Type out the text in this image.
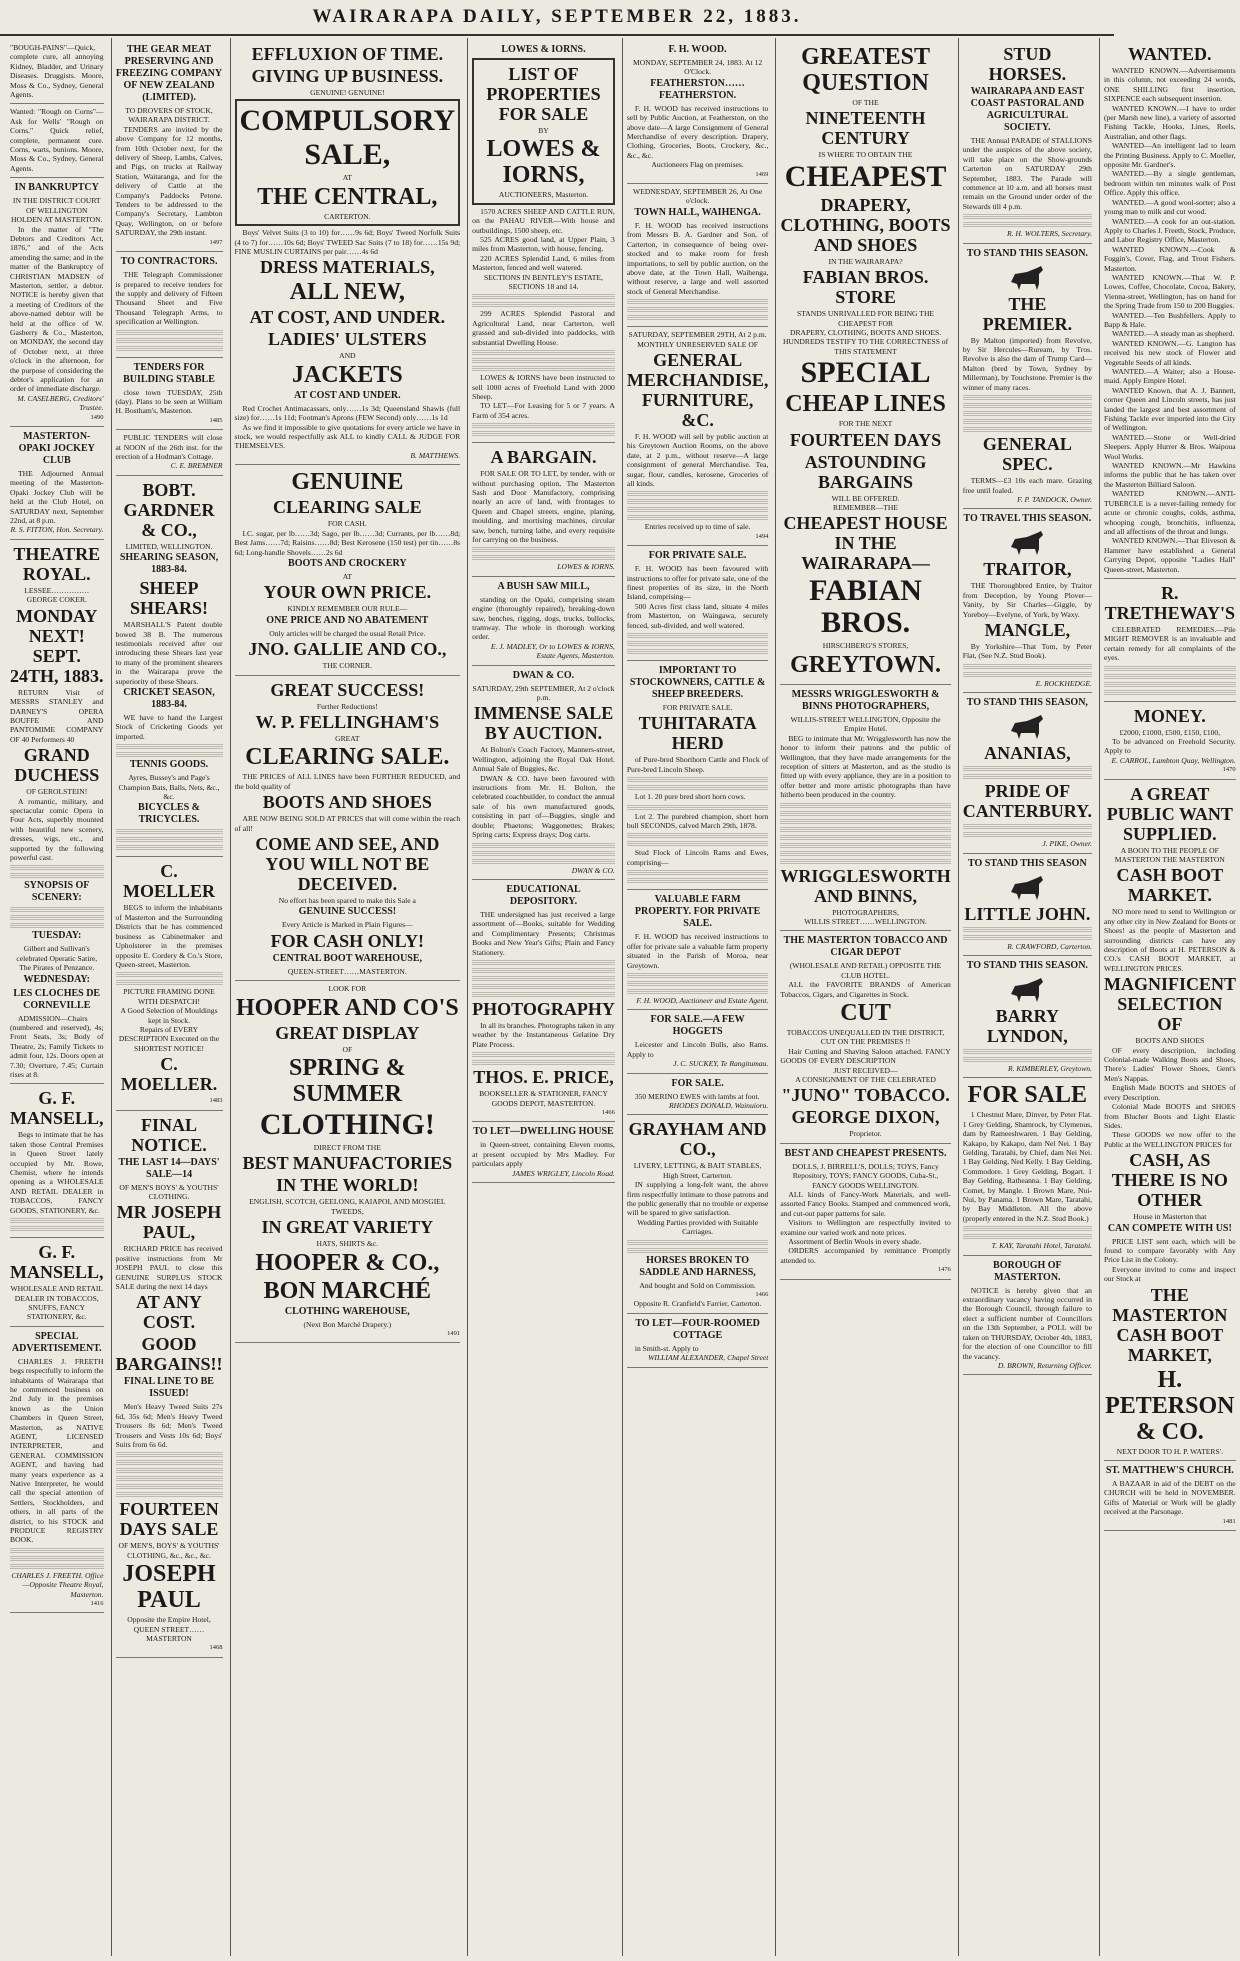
WAIRARAPA DAILY, SEPTEMBER 22, 1883.
"BOUGH-PAINS"—Quick, complete cure, all annoying Kidney, Bladder, and Urinary Diseases. Druggists. Moore, Moss & Co., Sydney, General Agents.
Wanted: "Rough on Corns"—Ask for Wells' "Rough on Corns." Quick relief, complete, permanent cure. Corns, warts, bunions. Moore, Moss & Co., Sydney, General Agents.
IN BANKRUPTCY
IN THE DISTRICT COURT OF WELLINGTON HOLDEN AT MASTERTON.
In the matter of "The Debtors and Creditors Act, 1876," and of the Acts amending the same; and in the matter of the Bankruptcy of CHRISTIAN MADSEN of Masterton, settler, a debtor. NOTICE is hereby given that a meeting of Creditors of the above-named debtor will be held at the office of W. Gasberry & Co., Masterton, on MONDAY, the second day of October next, at three o'clock in the afternoon, for the purpose of considering the debtor's application for an order of immediate discharge.
M. CASELBERG, Creditors' Trustee.
1490
MASTERTON-OPAKI JOCKEY CLUB
THE Adjourned Annual meeting of the Masterton-Opaki Jockey Club will be held at the Club Hotel, on SATURDAY next, September 22nd, at 8 p.m.
R. S. FITTON, Hon. Secretary.
THEATRE ROYAL.
LESSEE……………GEORGE COKER.
MONDAY NEXT! SEPT. 24TH, 1883.
RETURN Visit of MESSRS STANLEY and DARNEY'S OPERA BOUFFE AND PANTOMIME COMPANY OF 40 Performers 40
GRAND DUCHESS
OF GEROLSTEIN!
A romantic, military, and spectacular comic Opera in Four Acts, superbly mounted with beautiful new scenery, dresses, wigs, etc., and supported by the following powerful cast.
SYNOPSIS OF SCENERY:
TUESDAY:
Gilbert and Sullivan's celebrated Operatic Satire, The Pirates of Penzance.
WEDNESDAY:
LES CLOCHES DE CORNEVILLE
ADMISSION—Chairs (numbered and reserved), 4s; Front Seats, 3s; Body of Theatre, 2s; Family Tickets to admit four, 12s. Doors open at 7.30; Overture, 7.45; Curtain rises at 8.
G. F. MANSELL,
Begs to intimate that he has taken those Central Premises in Queen Street lately occupied by Mr. Rowe, Chemist, where he intends opening as a WHOLESALE AND RETAIL DEALER in TOBACCOS, FANCY GOODS, STATIONERY, &c.
G. F. MANSELL,
WHOLESALE AND RETAIL DEALER IN TOBACCOS, SNUFFS, FANCY STATIONERY, &c.
SPECIAL ADVERTISEMENT.
CHARLES J. FREETH begs respectfully to inform the inhabitants of Wairarapa that he commenced business on 2nd July in the premises known as the Union Chambers in Queen Street, Masterton, as NATIVE AGENT, LICENSED INTERPRETER, and GENERAL COMMISSION AGENT, and having had many years experience as a Native Interpreter, he would call the special attention of Settlers, Stockholders, and others, in all parts of the district, to his STOCK and PRODUCE REGISTRY BOOK.
CHARLES J. FREETH. Office—Opposite Theatre Royal, Masterton.
1416
THE GEAR MEAT PRESERVING AND FREEZING COMPANY OF NEW ZEALAND (LIMITED).
TO DROVERS OF STOCK, WAIRARAPA DISTRICT.
TENDERS are invited by the above Company for 12 months, from 10th October next, for the delivery of Sheep, Lambs, Calves, and Pigs, on trucks at Railway Station, Waitaranga, and for the delivery of Cattle at the Company's Paddocks Petone. Tenders to be addressed to the Company's Secretary, Lambton Quay, Wellington, on or before SATURDAY, the 29th instant.
1497
TO CONTRACTORS.
THE Telegraph Commissioner is prepared to receive tenders for the supply and delivery of Fifteen Thousand Sheet and Five Thousand Telegraph Arms, to specification at Wellington.
TENDERS FOR BUILDING STABLE
close town TUESDAY, 25th (day). Plans to be seen at William H. Bostham's, Masterton.
1485
PUBLIC TENDERS will close at NOON of the 26th inst. for the erection of a Hodman's Cottage.
C. E. BREMNER
BOBT. GARDNER & CO.,
LIMITED, WELLINGTON.
SHEARING SEASON, 1883-84.
SHEEP SHEARS!
MARSHALL'S Patent double bowed 38 B. The numerous testimonials received after our introducing these Shears last year to many of the prominent shearers in the Wairarapa prove the superiority of these Shears.
CRICKET SEASON, 1883-84.
WE have to hand the Largest Stock of Cricketing Goods yet imported.
TENNIS GOODS.
Ayres, Bussey's and Page's Champion Bats, Balls, Nets, &c., &c.
BICYCLES & TRICYCLES.
C. MOELLER
BEGS to inform the inhabitants of Masterton and the Surrounding Districts that he has commenced business as Cabinetmaker and Upholsterer in the premises opposite E. Cordery & Co.'s Store, Queen-street, Masterton.
PICTURE FRAMING DONE WITH DESPATCH!
A Good Selection of Mouldings kept in Stock.
Repairs of EVERY DESCRIPTION Executed on the SHORTEST NOTICE!
C. MOELLER.
1483
FINAL NOTICE.
THE LAST 14—DAYS' SALE—14
OF MEN'S BOYS' & YOUTHS' CLOTHING.
MR JOSEPH PAUL,
RICHARD PRICE has received positive instructions from Mr JOSEPH PAUL to close this GENUINE SURPLUS STOCK SALE during the next 14 days
AT ANY COST.
GOOD BARGAINS!!
FINAL LINE TO BE ISSUED!
Men's Heavy Tweed Suits 27s 6d, 35s 6d; Men's Heavy Tweed Trousers 8s 6d; Men's Tweed Trousers and Vests 10s 6d; Boys' Suits from 6s 6d.
FOURTEEN DAYS SALE
OF MEN'S, BOYS' & YOUTHS' CLOTHING, &c., &c., &c.
JOSEPH PAUL
Opposite the Empire Hotel, QUEEN STREET……MASTERTON
1468
EFFLUXION OF TIME.
GIVING UP BUSINESS.
GENUINE! GENUINE!
COMPULSORY
SALE,
AT
THE CENTRAL,
CARTERTON.
Boys' Velvet Suits (3 to 10) for……9s 6d; Boys' Tweed Norfolk Suits (4 to 7) for……10s 6d; Boys' TWEED Sac Suits (7 to 18) for……15s 9d; FINE MUSLIN CURTAINS per pair……4s 6d
DRESS MATERIALS,
ALL NEW,
AT COST, AND UNDER.
LADIES' ULSTERS
AND
JACKETS
AT COST AND UNDER.
Red Crochet Antimacassars, only……1s 3d; Queensland Shawls (full size) for……1s 11d; Footman's Aprons (FEW Second) only……1s 1d
As we find it impossible to give quotations for every article we have in stock, we would respectfully ask ALL to kindly CALL & JUDGE FOR THEMSELVES.
B. MATTHEWS.
GENUINE
CLEARING SALE
FOR CASH.
I.C. sugar, per lb……3d; Sago, per lb……3d; Currants, per lb……8d; Best Jams……7d; Raisins……8d; Best Kerosene (150 test) per tin……8s 6d; Long-handle Shovels……2s 6d
BOOTS AND CROCKERY
AT
YOUR OWN PRICE.
KINDLY REMEMBER OUR RULE—
ONE PRICE AND NO ABATEMENT
Only articles will be charged the usual Retail Price.
JNO. GALLIE AND CO.,
THE CORNER.
GREAT SUCCESS!
Further Reductions!
W. P. FELLINGHAM'S
GREAT
CLEARING SALE.
THE PRICES of ALL LINES have been FURTHER REDUCED, and the bold quality of
BOOTS AND SHOES
ARE NOW BEING SOLD AT PRICES that will come within the reach of all!
COME AND SEE, AND YOU WILL NOT BE DECEIVED.
No effort has been spared to make this Sale a
GENUINE SUCCESS!
Every Article is Marked in Plain Figures—
FOR CASH ONLY!
CENTRAL BOOT WAREHOUSE,
QUEEN-STREET……MASTERTON.
LOOK FOR
HOOPER AND CO'S
GREAT DISPLAY
OF
SPRING & SUMMER
CLOTHING!
DIRECT FROM THE
BEST MANUFACTORIES
IN THE WORLD!
ENGLISH, SCOTCH, GEELONG, KAIAPOI, AND MOSGIEL TWEEDS,
IN GREAT VARIETY
HATS, SHIRTS &c.
HOOPER & CO.,
BON MARCHÉ
CLOTHING WAREHOUSE,
(Next Bon Marché Drapery.)
1491
LOWES & IORNS.
LIST OF PROPERTIES FOR SALE
BY
LOWES & IORNS,
AUCTIONEERS, Masterton.
1570 ACRES SHEEP AND CATTLE RUN, on the PAHAU RIVER—With house and outbuildings, 1500 sheep, etc.
525 ACRES good land, at Upper Plain, 3 miles from Masterton, with house, fencing.
220 ACRES Splendid Land, 6 miles from Masterton, fenced and well watered.
SECTIONS IN BENTLEY'S ESTATE, SECTIONS 18 and 14.
299 ACRES Splendid Pastoral and Agricultural Land, near Carterton, well grassed and sub-divided into paddocks, with substantial Dwelling House.
LOWES & IORNS have been instructed to sell 1000 acres of Freehold Land with 2000 Sheep.
TO LET—For Leasing for 5 or 7 years. A Farm of 354 acres.
A BARGAIN.
FOR SALE OR TO LET, by tender, with or without purchasing option, The Masterton Sash and Door Manufactory, comprising nearly an acre of land, with frontages to Queen and Chapel streets, engine, planing, moulding, and mortising machines, circular saw, bench, turning lathe, and every requisite for carrying on the business.
LOWES & IORNS.
A BUSH SAW MILL,
standing on the Opaki, comprising steam engine (thoroughly repaired), breaking-down saw, benches, rigging, dogs, trucks, bullocks, tramway. The whole in thorough working order.
E. J. MADLEY, Or to LOWES & IORNS, Estate Agents, Masterton.
DWAN & CO.
SATURDAY, 29th SEPTEMBER, At 2 o'clock p.m.
IMMENSE SALE BY AUCTION.
At Bolton's Coach Factory, Manners-street, Wellington, adjoining the Royal Oak Hotel. Annual Sale of Buggies, &c.
DWAN & CO. have been favoured with instructions from Mr. H. Bolton, the celebrated coachbuilder, to conduct the annual sale of his own manufactured goods, consisting in part of—Buggies, single and double; Phaetons; Waggonettes; Brakes; Spring carts; Express drays; Dog carts.
DWAN & CO.
EDUCATIONAL DEPOSITORY.
THE undersigned has just received a large assortment of—Books, suitable for Wedding and Complimentary Presents; Christmas Books and New Year's Gifts; Plain and Fancy Stationery.
PHOTOGRAPHY
In all its branches. Photographs taken in any weather by the Instantaneous Gelatine Dry Plate Process.
THOS. E. PRICE,
BOOKSELLER & STATIONER, FANCY GOODS DEPOT, MASTERTON.
1466
TO LET—DWELLING HOUSE
in Queen-street, containing Eleven rooms, at present occupied by Mrs Madley. For particulars apply
JAMES WRIGLEY, Lincoln Road.
F. H. WOOD.
MONDAY, SEPTEMBER 24, 1883. At 12 O'Clock.
FEATHERSTON……FEATHERSTON.
F. H. WOOD has received instructions to sell by Public Auction, at Featherston, on the above date—A large Consignment of General Merchandise of every description. Drapery, Clothing, Groceries, Boots, Crockery, &c., &c., &c.
Auctioneers Flag on premises.
1469
WEDNESDAY, SEPTEMBER 26, At One o'clock.
TOWN HALL, WAIHENGA.
F. H. WOOD has received instructions from Messrs B. A. Gardner and Son, of Carterton, in consequence of being over-stocked and to make room for fresh importations, to sell by public auction, on the above date, at the Town Hall, Waihenga, without reserve, a large and well assorted stock of General Merchandise.
SATURDAY, SEPTEMBER 29TH, At 2 p.m.
MONTHLY UNRESERVED SALE OF
GENERAL MERCHANDISE, FURNITURE, &C.
F. H. WOOD will sell by public auction at his Greytown Auction Rooms, on the above date, at 2 p.m., without reserve—A large consignment of general Merchandise. Tea, sugar, flour, candles, kerosene, Groceries of all kinds.
Entries received up to time of sale.
1494
FOR PRIVATE SALE.
F. H. WOOD has been favoured with instructions to offer for private sale, one of the finest properties of its size, in the North Island, comprising—
500 Acres first class land, situate 4 miles from Masterton, on Waingawa, securely fenced, sub-divided, and well watered.
IMPORTANT TO STOCKOWNERS, CATTLE & SHEEP BREEDERS.
FOR PRIVATE SALE.
TUHITARATA HERD
of Pure-bred Shorthorn Cattle and Flock of Pure-bred Lincoln Sheep.
Lot 1. 20 pure bred short horn cows.
Lot 2. The purebred champion, short horn bull SECONDS, calved March 29th, 1878.
Stud Flock of Lincoln Rams and Ewes, comprising—
VALUABLE FARM PROPERTY. FOR PRIVATE SALE.
F. H. WOOD has received instructions to offer for private sale a valuable farm property situated in the Parish of Moroa, near Greytown.
F. H. WOOD, Auctioneer and Estate Agent.
FOR SALE.—A FEW HOGGETS
Leicester and Lincoln Bulls, also Rams. Apply to
J. C. SUCKEY, Te Rangitumau.
FOR SALE.
350 MERINO EWES with lambs at foot.
RHODES DONALD, Wainuioru.
GRAYHAM AND CO.,
LIVERY, LETTING, & BAIT STABLES, High Street, Carterton.
IN supplying a long-felt want, the above firm respectfully intimate to those patrons and the public generally that no trouble or expense will be spared to give satisfaction.
Wedding Parties provided with Suitable Carriages.
HORSES BROKEN TO SADDLE AND HARNESS,
And bought and Sold on Commission.
1466
Opposite R. Cranfield's Farrier, Carterton.
TO LET—FOUR-ROOMED COTTAGE
in Smith-st. Apply to
WILLIAM ALEXANDER, Chapel Street
GREATEST QUESTION
OF THE
NINETEENTH CENTURY
IS WHERE TO OBTAIN THE
CHEAPEST
DRAPERY, CLOTHING, BOOTS AND SHOES
IN THE WAIRARAPA?
FABIAN BROS. STORE
STANDS UNRIVALLED FOR BEING THE CHEAPEST FOR
DRAPERY, CLOTHING, BOOTS AND SHOES.
HUNDREDS TESTIFY TO THE CORRECTNESS of THIS STATEMENT
SPECIAL
CHEAP LINES
FOR THE NEXT
FOURTEEN DAYS
ASTOUNDING BARGAINS
WILL BE OFFERED.
REMEMBER—THE
CHEAPEST HOUSE IN THE WAIRARAPA—
FABIAN BROS.
HIRSCHBERG'S STORES,
GREYTOWN.
MESSRS WRIGGLESWORTH & BINNS PHOTOGRAPHERS,
WILLIS-STREET WELLINGTON, Opposite the Empire Hotel.
BEG to intimate that Mr. Wrigglesworth has now the honor to inform their patrons and the public of Wellington, that they have made arrangements for the reception of sitters at Masterton, and as the studio is fitted up with every appliance, they are in a position to offer better and more artistic photographs than have hitherto been produced in the country.
WRIGGLESWORTH AND BINNS,
PHOTOGRAPHERS,
WILLIS STREET……WELLINGTON.
THE MASTERTON TOBACCO AND CIGAR DEPOT
(WHOLESALE AND RETAIL) OPPOSITE THE CLUB HOTEL.
ALL the FAVORITE BRANDS of American Tobaccos, Cigars, and Cigarettes in Stock.
CUT
TOBACCOS UNEQUALLED IN THE DISTRICT,
CUT ON THE PREMISES !!
Hair Cutting and Shaving Saloon attached. FANCY GOODS OF EVERY DESCRIPTION
JUST RECEIVED—
A CONSIGNMENT OF THE CELEBRATED
"JUNO" TOBACCO.
GEORGE DIXON,
Proprietor.
BEST AND CHEAPEST PRESENTS.
DOLLS, J. BIRRELL'S, DOLLS; TOYS, Fancy Repository, TOYS; FANCY GOODS, Cuba-St., FANCY GOODS WELLINGTON.
ALL kinds of Fancy-Work Materials, and well-assorted Fancy Books. Stamped and commenced work, and cut-out paper patterns for sale.
Visitors to Wellington are respectfully invited to examine our varied work and note prices.
Assortment of Berlin Wools in every shade.
ORDERS accompanied by remittance Promptly attended to.
1476
STUD HORSES.
WAIRARAPA AND EAST COAST PASTORAL AND AGRICULTURAL SOCIETY.
THE Annual PARADE of STALLIONS under the auspices of the above society, will take place on the Show-grounds Carterton on SATURDAY 29th September, 1883. The Parade will commence at 10 a.m. and all horses must remain on the Ground under order of the Stewards till 4 p.m.
R. H. WOLTERS, Secretary.
TO STAND THIS SEASON.
THE PREMIER.
By Malton (imported) from Revolve, by Sir Hercules—Ruream, by Tros. Revolve is also the dam of Trump Card—Malton (bred by Town, Sydney by Millerman), by Touchstone. Premier is the winner of many races.
GENERAL SPEC.
TERMS—£3 10s each mare. Grazing free until foaled.
F. P. TANDOCK, Owner.
TO TRAVEL THIS SEASON.
TRAITOR,
THE Thoroughbred Entire, by Traitor from Deception, by Young Plover—Vanity, by Sir Charles—Giggle, by Yoreboy—Evelyne, of York, by Waxy.
MANGLE,
By Yorkshire—That Tom, by Peter Flat, (See N.Z. Stud Book).
E. ROCKHEDGE.
TO STAND THIS SEASON,
ANANIAS,
PRIDE OF CANTERBURY.
J. PIKE, Owner.
TO STAND THIS SEASON
LITTLE JOHN.
R. CRAWFORD, Carterton.
TO STAND THIS SEASON.
BARRY LYNDON,
R. KIMBERLEY, Greytown.
FOR SALE
1 Chestnut Mare, Dinver, by Peter Flat. 1 Grey Gelding, Shamrock, by Clymenus, dam by Rameeshwaren. 1 Bay Gelding, Kakapo, by Kakapo, dam Nel Nei. 1 Bay Gelding, Taratahi, by Chief, dam Nei Nei. 1 Bay Gelding, Ned Kelly. 1 Bay Gelding, Commodore. 1 Grey Gelding, Bogart. 1 Bay Gelding, Ratheanna. 1 Bay Gelding, Comet, by Mangle. 1 Brown Mare, Nui-Nui, by Panama. 1 Brown Mare, Taratahi, by Bay Middleton. All the above (properly entered in the N.Z. Stud Book.)
T. KAY, Taratahi Hotel, Taratahi.
BOROUGH OF MASTERTON.
NOTICE is hereby given that an extraordinary vacancy having occurred in the Borough Council, through failure to elect a sufficient number of Councillors on the 13th September, a POLL will be taken on THURSDAY, October 4th, 1883, for the election of one Councillor to fill the vacancy.
D. BROWN, Returning Officer.
WANTED.
WANTED KNOWN.—Advertisements in this column, not exceeding 24 words, ONE SHILLING first insertion, SIXPENCE each subsequent insertion.
WANTED KNOWN.—I have to order (per Marsh new line), a variety of assorted Fishing Tackle, Hooks, Lines, Reels, Australian, and other flags.
WANTED—An intelligent lad to learn the Printing Business. Apply to C. Moeller, opposite Mr. Gardner's.
WANTED.—By a single gentleman, bedroom within ten minutes walk of Post Office. Apply this office.
WANTED.—A good wool-sorter; also a young man to milk and cut wood.
WANTED.—A cook for an out-station. Apply to Charles J. Freeth, Stock, Produce, and Labor Registry Office, Masterton.
WANTED KNOWN.—Cook & Foggin's, Cover, Flag, and Trout Fishers. Masterton.
WANTED KNOWN.—That W. P. Lowes, Coffee, Chocolate, Cocoa, Bakery, Vienna-street, Wellington, has on hand for the Spring Trade from 150 to 200 Buggies.
WANTED.—Ten Bushfellers. Apply to Bapp & Hale.
WANTED.—A steady man as shepherd.
WANTED KNOWN.—G. Langton has received his new stock of Flower and Vegetable Seeds of all kinds.
WANTED.—A Waiter; also a House-maid. Apply Empire Hotel.
WANTED Known, that A. J. Bannett, corner Queen and Lincoln streets, has just landed the largest and best assortment of Fishing Tackle ever imported into the City of Wellington.
WANTED.—Stone or Well-dried Sleepers. Apply Hurrer & Bros. Waipoua Wool Works.
WANTED KNOWN.—Mr Hawkins informs the public that he has taken over the Masterton Billiard Saloon.
WANTED KNOWN.—ANTI-TUBERCLE is a never-failing remedy for acute or chronic coughs, colds, asthma, whooping cough, bronchitis, influenza, and all affections of the throat and lungs.
WANTED KNOWN.—That Eliveson & Hammer have established a General Carrying Depot, opposite "Ladies Hall" Queen-street, Masterton.
R. TRETHEWAY'S
CELEBRATED REMEDIES.—Pile MIGHT REMOVER is an invaluable and certain remedy for all complaints of the eyes.
MONEY.
£2000, £1000, £500, £150, £100,
To be advanced on Freehold Security. Apply to
E. CARROL, Lambton Quay, Wellington.
1470
A GREAT PUBLIC WANT SUPPLIED.
A BOON TO THE PEOPLE OF MASTERTON THE MASTERTON
CASH BOOT MARKET.
NO more need to send to Wellington or any other city in New Zealand for Boots or Shoes! as the people of Masterton and surrounding districts can have any description of Boots at H. PETERSON & CO.'s CASH BOOT MARKET, at WELLINGTON PRICES.
MAGNIFICENT SELECTION OF
BOOTS AND SHOES
OF every description, including Colonial-made Walking Boots and Shoes, There's Ladies' Flower Shoes, Gent's Men's Nappas.
English Made BOOTS and SHOES of every Description.
Colonial Made BOOTS and SHOES from Blucher Boots and Light Elastic Sides.
These GOODS we now offer to the Public at the WELLINGTON PRICES for
CASH, AS THERE IS NO OTHER
House in Masterton that
CAN COMPETE WITH US!
PRICE LIST sent each, which will be found to compare favorably with Any Price List in the Colony.
Everyone invited to come and inspect our Stock at
THE MASTERTON CASH BOOT MARKET,
H. PETERSON & CO.
NEXT DOOR TO H. P. WATERS'.
ST. MATTHEW'S CHURCH.
A BAZAAR in aid of the DEBT on the CHURCH will be held in NOVEMBER. Gifts of Material or Work will be gladly received at the Parsonage.
1481
